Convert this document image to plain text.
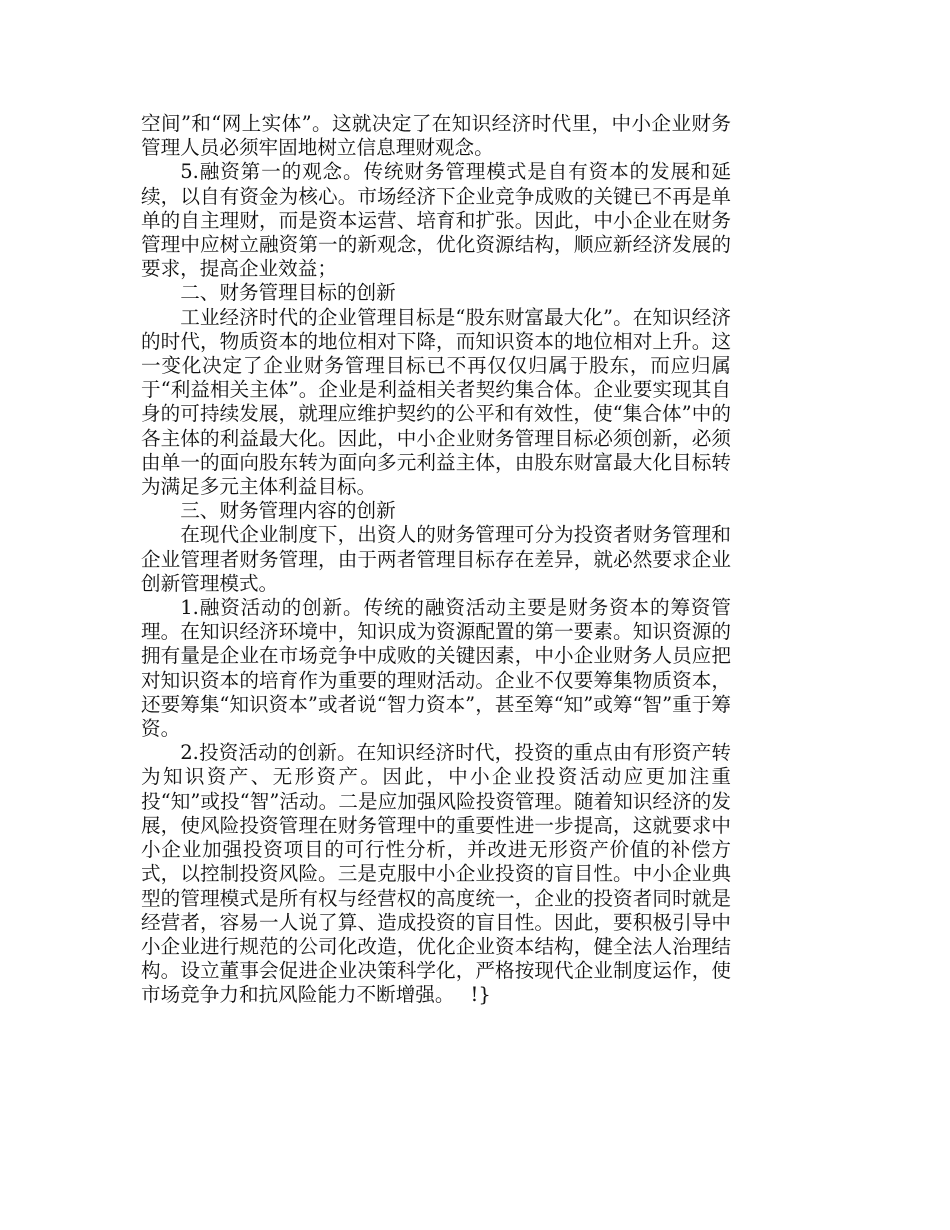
空间”和“网上实体”。这就决定了在知识经济时代里，中小企业财务管理人员必须牢固地树立信息理财观念。

5.融资第一的观念。传统财务管理模式是自有资本的发展和延续，以自有资金为核心。市场经济下企业竞争成败的关键已不再是单单的自主理财，而是资本运营、培育和扩张。因此，中小企业在财务管理中应树立融资第一的新观念，优化资源结构，顺应新经济发展的要求，提高企业效益；

二、财务管理目标的创新

工业经济时代的企业管理目标是“股东财富最大化”。在知识经济的时代，物质资本的地位相对下降，而知识资本的地位相对上升。这一变化决定了企业财务管理目标已不再仅仅归属于股东，而应归属于“利益相关主体”。企业是利益相关者契约集合体。企业要实现其自身的可持续发展，就理应维护契约的公平和有效性，使“集合体”中的各主体的利益最大化。因此，中小企业财务管理目标必须创新，必须由单一的面向股东转为面向多元利益主体，由股东财富最大化目标转为满足多元主体利益目标。

三、财务管理内容的创新

在现代企业制度下，出资人的财务管理可分为投资者财务管理和企业管理者财务管理，由于两者管理目标存在差异，就必然要求企业创新管理模式。

1.融资活动的创新。传统的融资活动主要是财务资本的筹资管理。在知识经济环境中，知识成为资源配置的第一要素。知识资源的拥有量是企业在市场竞争中成败的关键因素，中小企业财务人员应把对知识资本的培育作为重要的理财活动。企业不仅要筹集物质资本，还要筹集“知识资本”或者说“智力资本”，甚至筹“知”或筹“智”重于筹资。

2.投资活动的创新。在知识经济时代，投资的重点由有形资产转为知识资产、无形资产。因此，中小企业投资活动应更加注重投“知”或投“智”活动。二是应加强风险投资管理。随着知识经济的发展，使风险投资管理在财务管理中的重要性进一步提高，这就要求中小企业加强投资项目的可行性分析，并改进无形资产价值的补偿方式，以控制投资风险。三是克服中小企业投资的盲目性。中小企业典型的管理模式是所有权与经营权的高度统一，企业的投资者同时就是经营者，容易一人说了算、造成投资的盲目性。因此，要积极引导中小企业进行规范的公司化改造，优化企业资本结构，健全法人治理结构。设立董事会促进企业决策科学化，严格按现代企业制度运作，使市场竞争力和抗风险能力不断增强。　 !}
